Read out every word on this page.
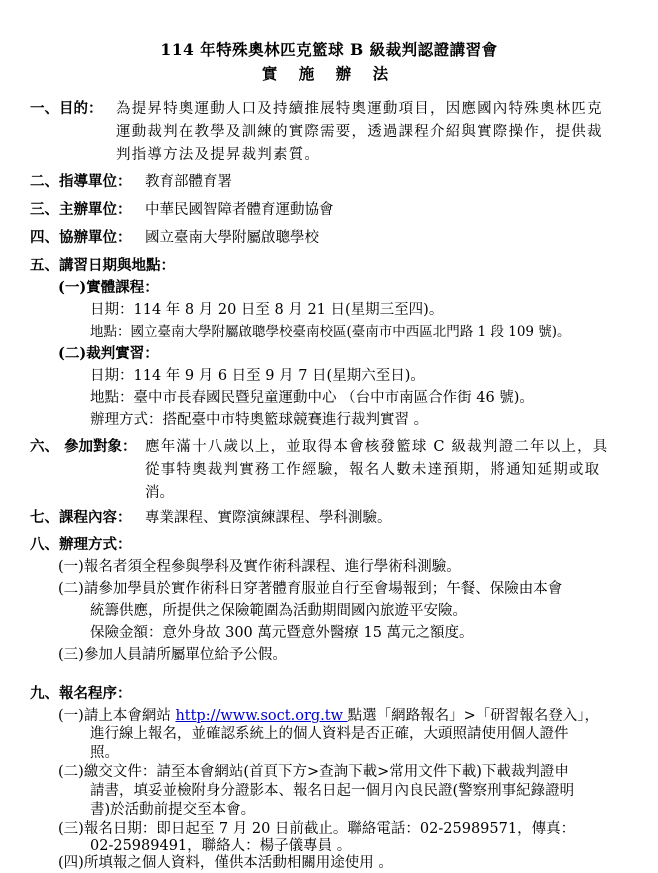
114 年特殊奧林匹克籃球 B 級裁判認證講習會
實 施 辦 法
一、目的： 為提昇特奧運動人口及持續推展特奧運動項目，因應國內特殊奧林匹克
運動裁判在教學及訓練的實際需要，透過課程介紹與實際操作，提供裁
判指導方法及提昇裁判素質。
二、指導單位： 教育部體育署
三、主辦單位： 中華民國智障者體育運動協會
四、協辦單位： 國立臺南大學附屬啟聰學校
五、講習日期與地點：
(一)實體課程：
日期：114 年 8 月 20 日至 8 月 21 日(星期三至四)。
地點：國立臺南大學附屬啟聰學校臺南校區(臺南市中西區北門路 1 段 109 號)。
(二)裁判實習：
日期：114 年 9 月 6 日至 9 月 7 日(星期六至日)。
地點：臺中市長春國民暨兒童運動中心 （台中市南區合作街 46 號)。
辦理方式：搭配臺中市特奧籃球競賽進行裁判實習 。
六、 參加對象： 應年滿十八歲以上，並取得本會核發籃球 C 級裁判證二年以上，具
從事特奧裁判實務工作經驗，報名人數未達預期，將通知延期或取
消。
七、課程內容： 專業課程、實際演練課程、學科測驗。
八、辦理方式：
(一)報名者須全程參與學科及實作術科課程、進行學術科測驗。
(二)請參加學員於實作術科日穿著體育服並自行至會場報到；午餐、保險由本會
統籌供應，所提供之保險範圍為活動期間國內旅遊平安險。
保險金額：意外身故 300 萬元暨意外醫療 15 萬元之額度。
(三)參加人員請所屬單位給予公假。
九、報名程序：
(一)請上本會網站 http://www.soct.org.tw 點選「網路報名」>「研習報名登入」，
進行線上報名，並確認系統上的個人資料是否正確，大頭照請使用個人證件
照。
(二)繳交文件：請至本會網站(首頁下方>查詢下載>常用文件下載)下載裁判證申
請書，填妥並檢附身分證影本、報名日起一個月內良民證(警察刑事紀錄證明
書)於活動前提交至本會。
(三)報名日期：即日起至 7 月 20 日前截止。聯絡電話：02-25989571，傳真：
02-25989491，聯絡人：楊子儀專員 。
(四)所填報之個人資料，僅供本活動相關用途使用 。
